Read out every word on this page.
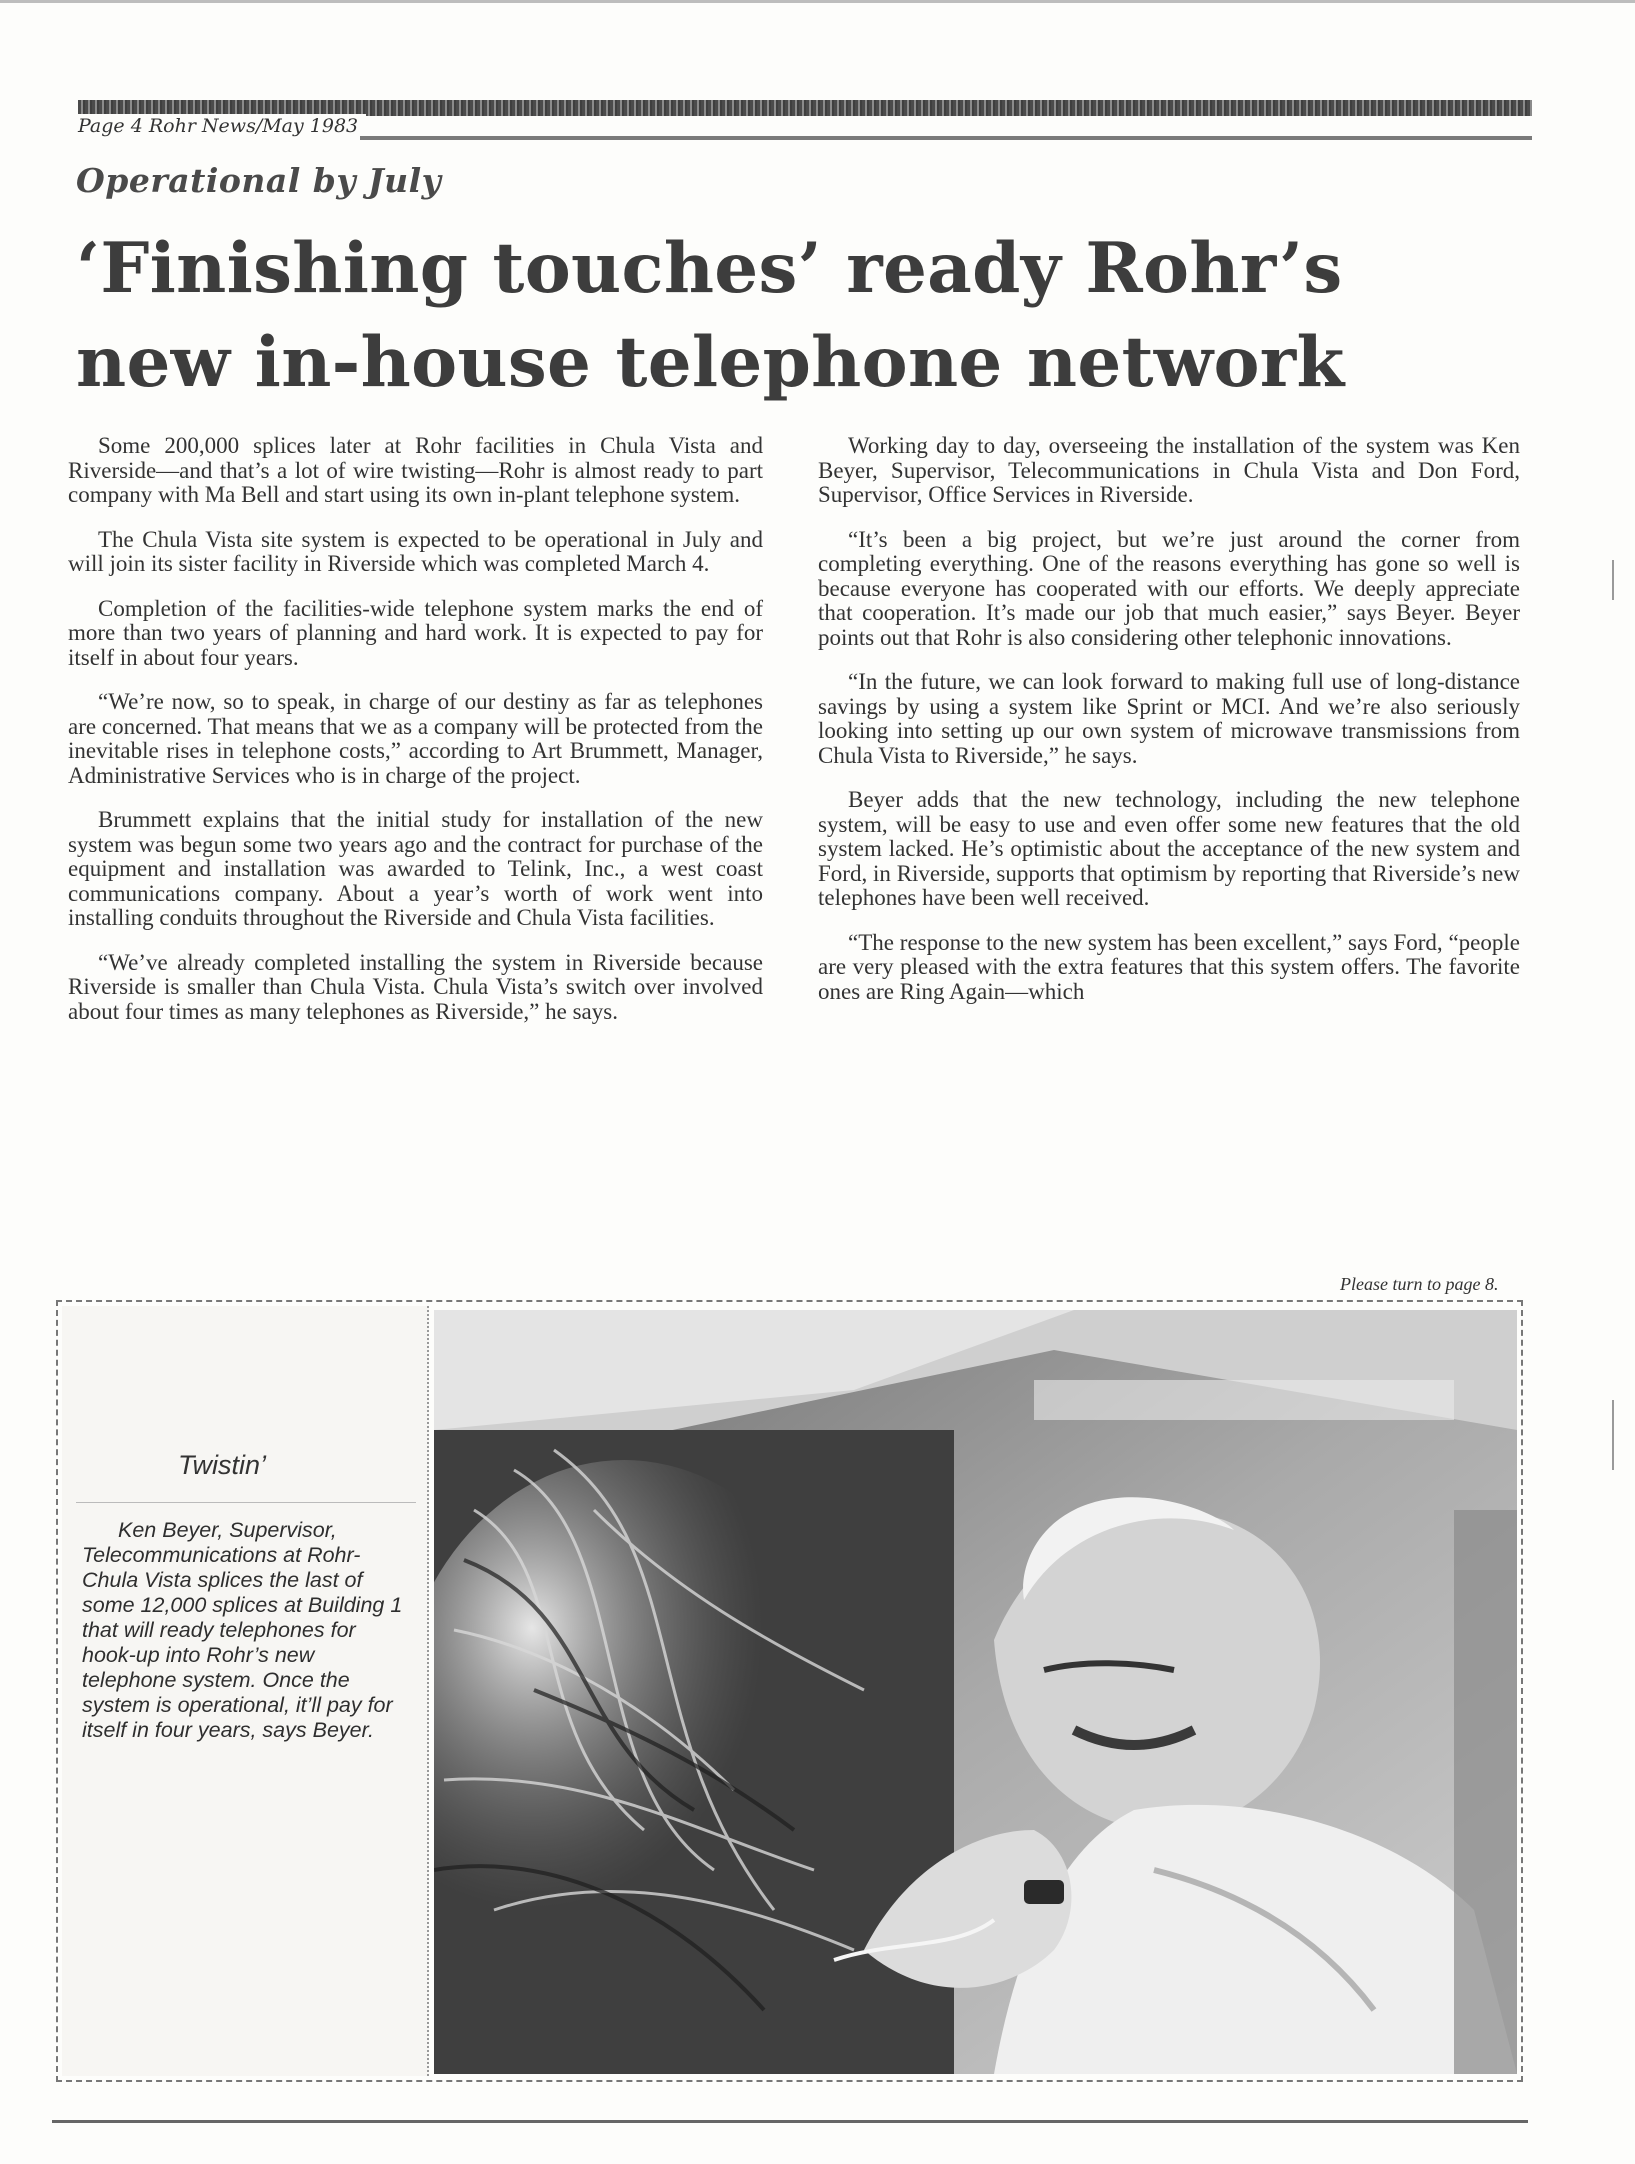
Page 4 Rohr News/May 1983
Operational by July
‘Finishing touches’ ready Rohr’s new in-house telephone network

Some 200,000 splices later at Rohr facilities in Chula Vista and Riverside—and that’s a lot of wire twisting—Rohr is almost ready to part company with Ma Bell and start using its own in-plant telephone system.

The Chula Vista site system is expected to be operational in July and will join its sister facility in Riverside which was completed March 4.

Completion of the facilities-wide telephone system marks the end of more than two years of planning and hard work. It is expected to pay for itself in about four years.

“We’re now, so to speak, in charge of our destiny as far as telephones are concerned. That means that we as a company will be protected from the inevitable rises in telephone costs,” according to Art Brummett, Manager, Administrative Services who is in charge of the project.

Brummett explains that the initial study for installation of the new system was begun some two years ago and the contract for purchase of the equipment and installation was awarded to Telink, Inc., a west coast communications company. About a year’s worth of work went into installing conduits throughout the Riverside and Chula Vista facilities.

“We’ve already completed installing the system in Riverside because Riverside is smaller than Chula Vista. Chula Vista’s switch over involved about four times as many telephones as Riverside,” he says.

Working day to day, overseeing the installation of the system was Ken Beyer, Supervisor, Telecommunications in Chula Vista and Don Ford, Supervisor, Office Services in Riverside.

“It’s been a big project, but we’re just around the corner from completing everything. One of the reasons everything has gone so well is because everyone has cooperated with our efforts. We deeply appreciate that cooperation. It’s made our job that much easier,” says Beyer. Beyer points out that Rohr is also considering other telephonic innovations.

“In the future, we can look forward to making full use of long-distance savings by using a system like Sprint or MCI. And we’re also seriously looking into setting up our own system of microwave transmissions from Chula Vista to Riverside,” he says.

Beyer adds that the new technology, including the new telephone system, will be easy to use and even offer some new features that the old system lacked. He’s optimistic about the acceptance of the new system and Ford, in Riverside, supports that optimism by reporting that Riverside’s new telephones have been well received.

“The response to the new system has been excellent,” says Ford, “people are very pleased with the extra features that this system offers. The favorite ones are Ring Again—which

Please turn to page 8.

Twistin’

Ken Beyer, Supervisor, Telecommunications at Rohr-Chula Vista splices the last of some 12,000 splices at Building 1 that will ready telephones for hook-up into Rohr’s new telephone system. Once the system is operational, it’ll pay for itself in four years, says Beyer.
